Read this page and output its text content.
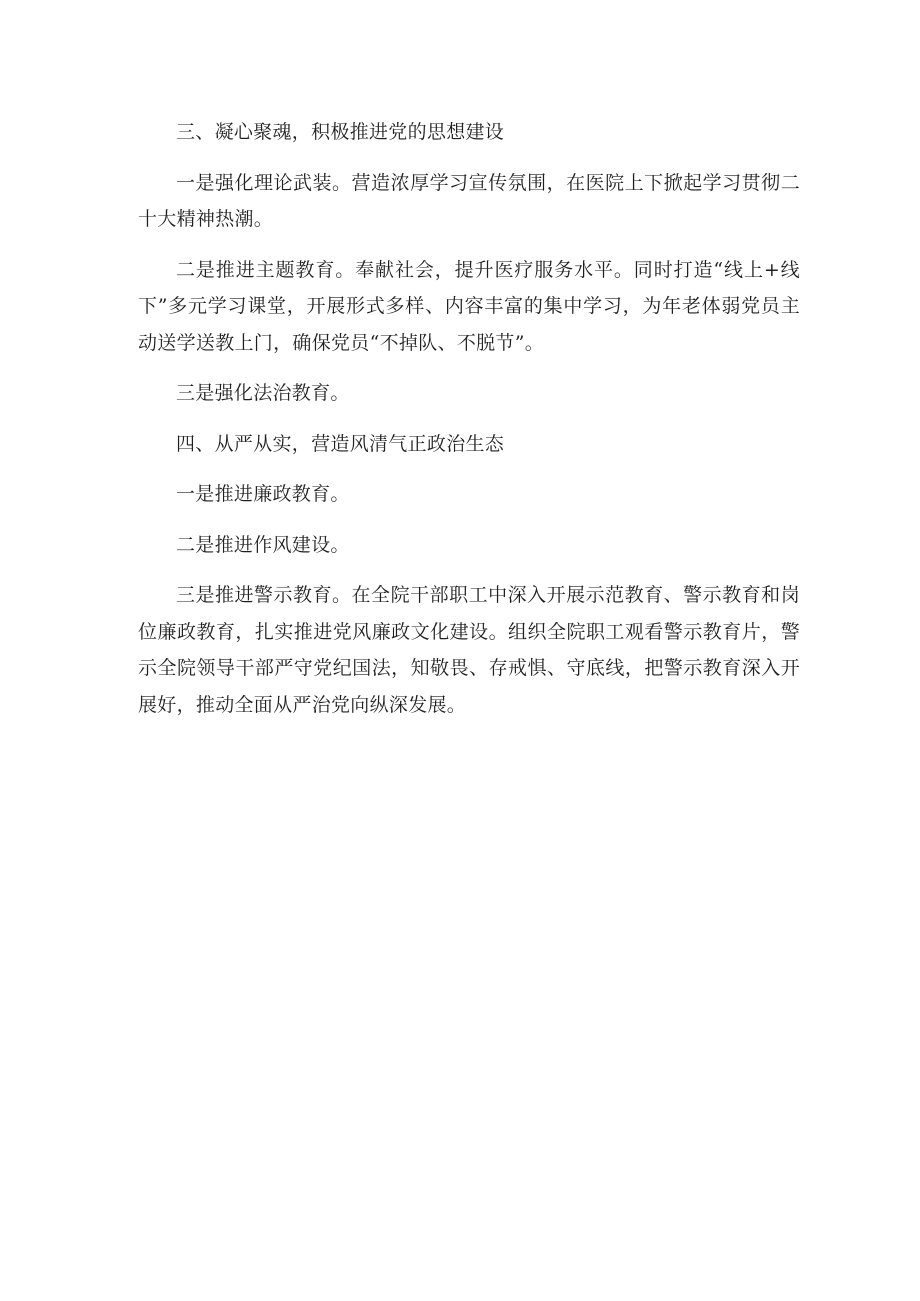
三、凝心聚魂，积极推进党的思想建设

一是强化理论武装。营造浓厚学习宣传氛围，在医院上下掀起学习贯彻二十大精神热潮。

二是推进主题教育。奉献社会，提升医疗服务水平。同时打造“线上+线下”多元学习课堂，开展形式多样、内容丰富的集中学习，为年老体弱党员主动送学送教上门，确保党员“不掉队、不脱节”。

三是强化法治教育。

四、从严从实，营造风清气正政治生态

一是推进廉政教育。

二是推进作风建设。

三是推进警示教育。在全院干部职工中深入开展示范教育、警示教育和岗位廉政教育，扎实推进党风廉政文化建设。组织全院职工观看警示教育片，警示全院领导干部严守党纪国法，知敬畏、存戒惧、守底线，把警示教育深入开展好，推动全面从严治党向纵深发展。
